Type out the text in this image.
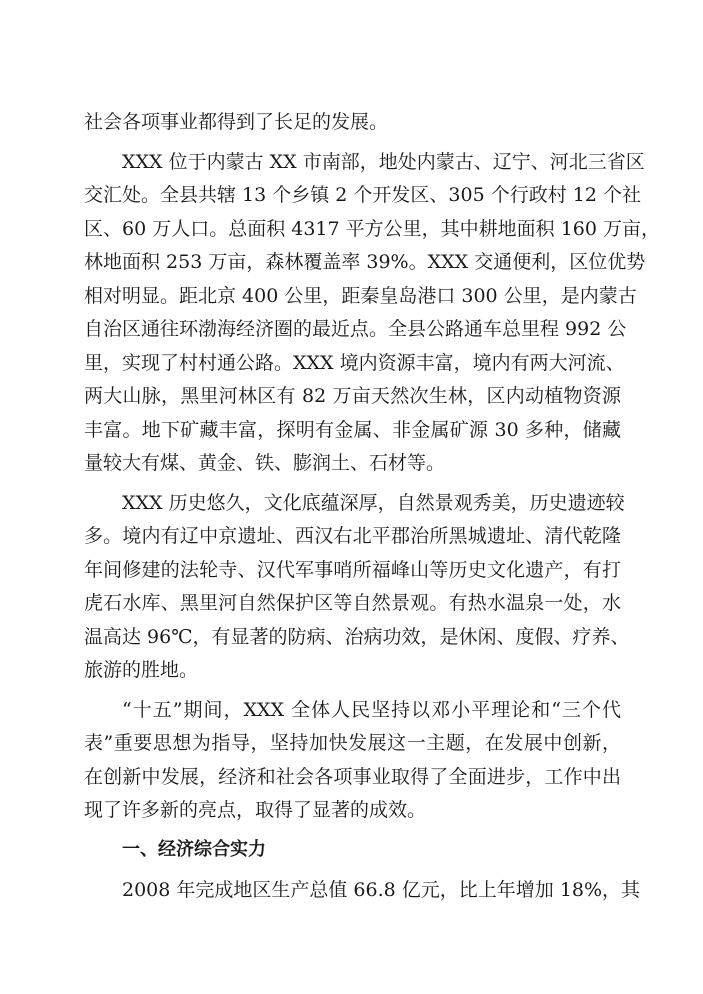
社会各项事业都得到了长足的发展。
XXX 位于内蒙古 XX 市南部，地处内蒙古、辽宁、河北三省区
交汇处。全县共辖 13 个乡镇 2 个开发区、305 个行政村 12 个社
区、60 万人口。总面积 4317 平方公里，其中耕地面积 160 万亩，
林地面积 253 万亩，森林覆盖率 39%。XXX 交通便利，区位优势
相对明显。距北京 400 公里，距秦皇岛港口 300 公里，是内蒙古
自治区通往环渤海经济圈的最近点。全县公路通车总里程 992 公
里，实现了村村通公路。XXX 境内资源丰富，境内有两大河流、
两大山脉，黑里河林区有 82 万亩天然次生林，区内动植物资源
丰富。地下矿藏丰富，探明有金属、非金属矿源 30 多种，储藏
量较大有煤、黄金、铁、膨润土、石材等。
XXX 历史悠久，文化底蕴深厚，自然景观秀美，历史遗迹较
多。境内有辽中京遗址、西汉右北平郡治所黑城遗址、清代乾隆
年间修建的法轮寺、汉代军事哨所福峰山等历史文化遗产，有打
虎石水库、黑里河自然保护区等自然景观。有热水温泉一处，水
温高达 96℃，有显著的防病、治病功效，是休闲、度假、疗养、
旅游的胜地。
“十五”期间，XXX 全体人民坚持以邓小平理论和“三个代
表”重要思想为指导，坚持加快发展这一主题，在发展中创新，
在创新中发展，经济和社会各项事业取得了全面进步，工作中出
现了许多新的亮点，取得了显著的成效。
一、经济综合实力
2008 年完成地区生产总值 66.8 亿元，比上年增加 18%，其
